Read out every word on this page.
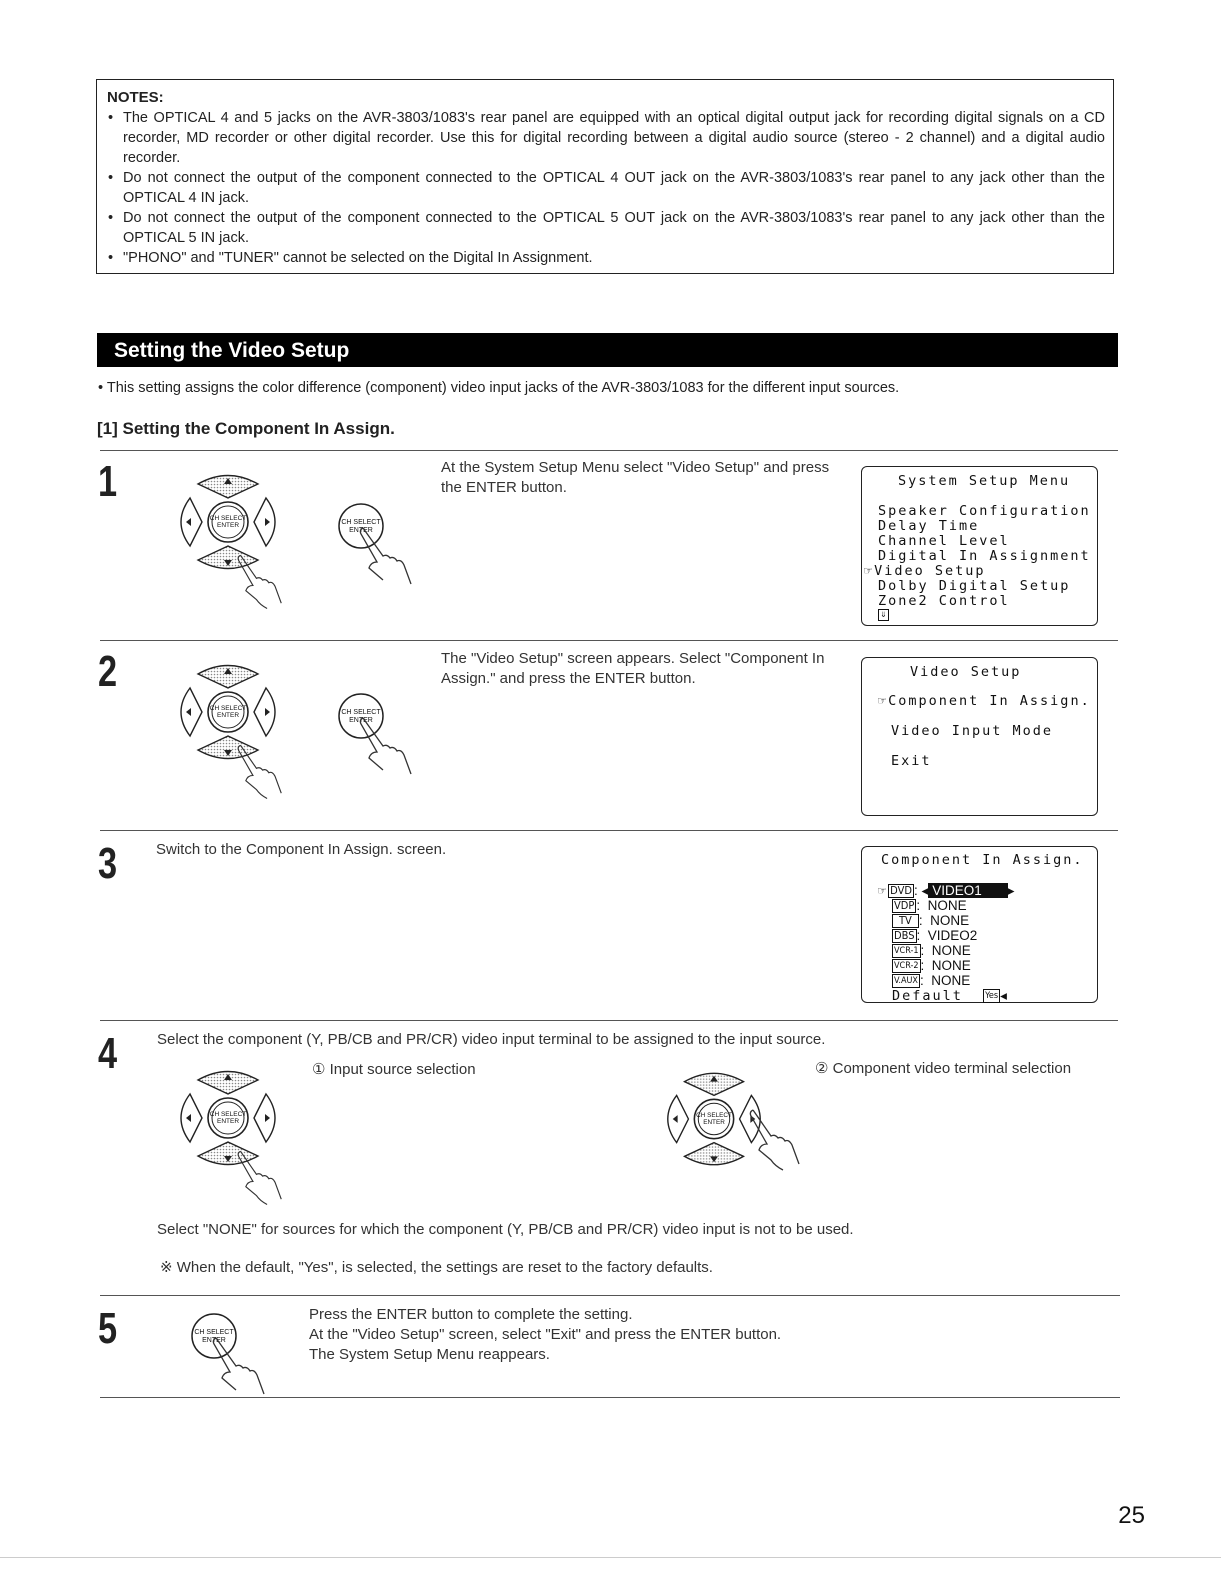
NOTES:
• The OPTICAL 4 and 5 jacks on the AVR-3803/1083's rear panel are equipped with an optical digital output jack for recording digital signals on a CD recorder, MD recorder or other digital recorder. Use this for digital recording between a digital audio source (stereo - 2 channel) and a digital audio recorder.
• Do not connect the output of the component connected to the OPTICAL 4 OUT jack on the AVR-3803/1083's rear panel to any jack other than the OPTICAL 4 IN jack.
• Do not connect the output of the component connected to the OPTICAL 5 OUT jack on the AVR-3803/1083's rear panel to any jack other than the OPTICAL 5 IN jack.
• "PHONO" and "TUNER" cannot be selected on the Digital In Assignment.
Setting the Video Setup
• This setting assigns the color difference (component) video input jacks of the AVR-3803/1083 for the different input sources.
[1] Setting the Component In Assign.
1	At the System Setup Menu select "Video Setup" and press the ENTER button.	System Setup Menu
Speaker Configuration
Delay Time
Channel Level
Digital In Assignment
☞Video Setup
Dolby Digital Setup
Zone2 Control
⇓
2	The "Video Setup" screen appears. Select "Component In Assign." and press the ENTER button.	Video Setup
☞Component In Assign.
Video Input Mode
Exit
3	Switch to the Component In Assign. screen.
Component In Assign.
☞ DVD : ◂ VIDEO1 ▸
VDP :  NONE
TV :  NONE
DBS :  VIDEO2
VCR-1 :  NONE
VCR-2 :  NONE
V.AUX :  NONE
Default Yes ◂
4	Select the component (Y, PB/CB and PR/CR) video input terminal to be assigned to the input source.
① Input source selection	② Component video terminal selection
Select "NONE" for sources for which the component (Y, PB/CB and PR/CR) video input is not to be used.
※ When the default, "Yes", is selected, the settings are reset to the factory defaults.
5	Press the ENTER button to complete the setting.
At the "Video Setup" screen, select "Exit" and press the ENTER button.
The System Setup Menu reappears.
25
